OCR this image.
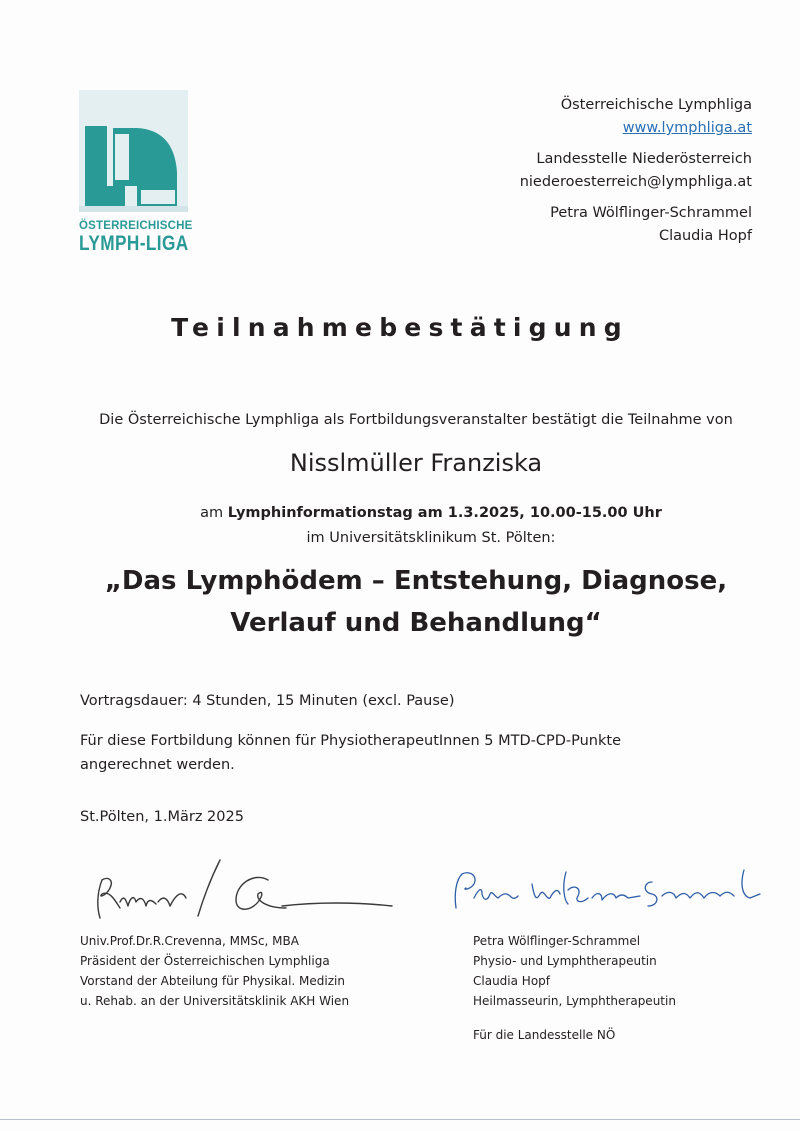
ÖSTERREICHISCHE
LYMPH-LIGA
Österreichische Lymphliga
www.lymphliga.at
Landesstelle Niederösterreich
niederoesterreich@lymphliga.at
Petra Wölflinger-Schrammel
Claudia Hopf
Teilnahmebestätigung
Die Österreichische Lymphliga als Fortbildungsveranstalter bestätigt die Teilnahme von
Nisslmüller Franziska
am Lymphinformationstag am 1.3.2025, 10.00-15.00 Uhr
im Universitätsklinikum St. Pölten:
„Das Lymphödem – Entstehung, Diagnose,
Verlauf und Behandlung“
Vortragsdauer: 4 Stunden, 15 Minuten (excl. Pause)
Für diese Fortbildung können für PhysiotherapeutInnen 5 MTD-CPD-Punkte
angerechnet werden.
St.Pölten, 1.März 2025
Univ.Prof.Dr.R.Crevenna, MMSc, MBA
Präsident der Österreichischen Lymphliga
Vorstand der Abteilung für Physikal. Medizin
u. Rehab. an der Universitätsklinik AKH Wien
Petra Wölflinger-Schrammel
Physio- und Lymphtherapeutin
Claudia Hopf
Heilmasseurin, Lymphtherapeutin
Für die Landesstelle NÖ
